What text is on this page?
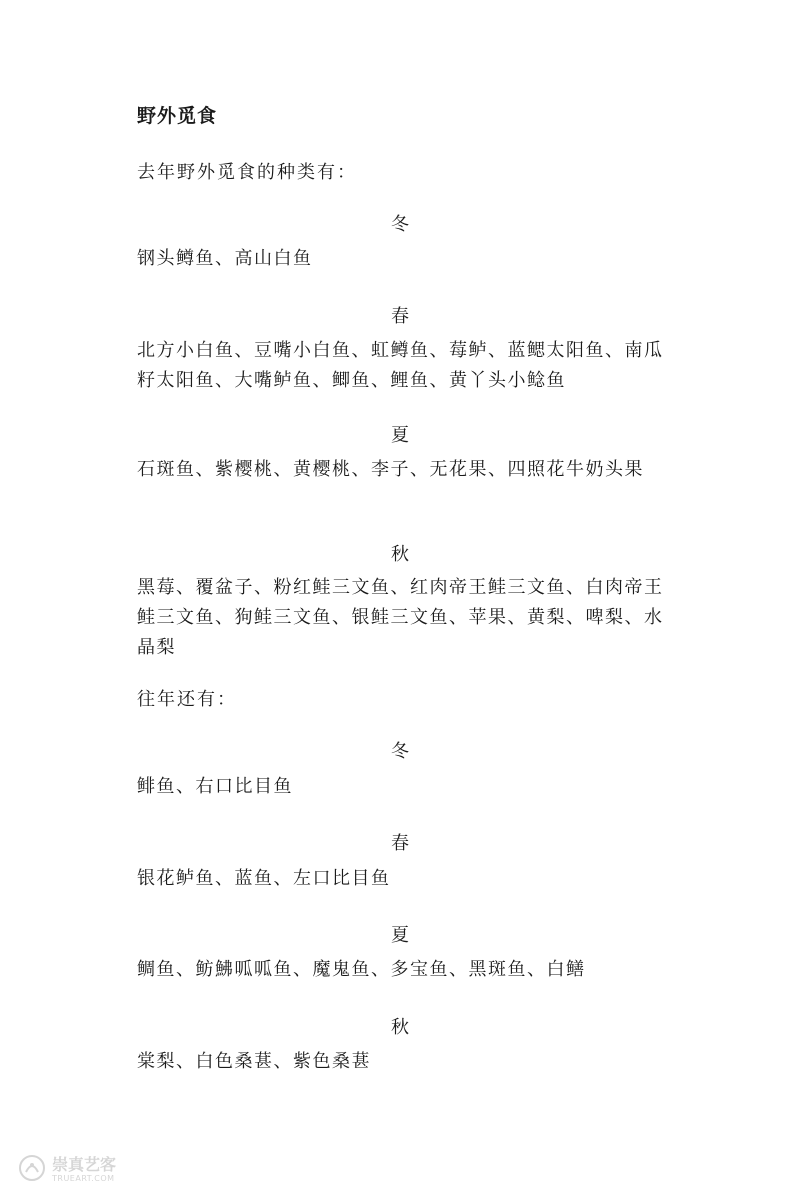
野外觅食
去年野外觅食的种类有：
冬
钢头鳟鱼、高山白鱼
春
北方小白鱼、豆嘴小白鱼、虹鳟鱼、莓鲈、蓝鳃太阳鱼、南瓜籽太阳鱼、大嘴鲈鱼、鲫鱼、鲤鱼、黄丫头小鲶鱼
夏
石斑鱼、紫樱桃、黄樱桃、李子、无花果、四照花牛奶头果
秋
黑莓、覆盆子、粉红鲑三文鱼、红肉帝王鲑三文鱼、白肉帝王鲑三文鱼、狗鲑三文鱼、银鲑三文鱼、苹果、黄梨、啤梨、水晶梨
往年还有：
冬
鲱鱼、右口比目鱼
春
银花鲈鱼、蓝鱼、左口比目鱼
夏
鲷鱼、鲂鮄呱呱鱼、魔鬼鱼、多宝鱼、黑斑鱼、白鳝
秋
棠梨、白色桑葚、紫色桑葚
崇真艺客
TRUEART.COM
